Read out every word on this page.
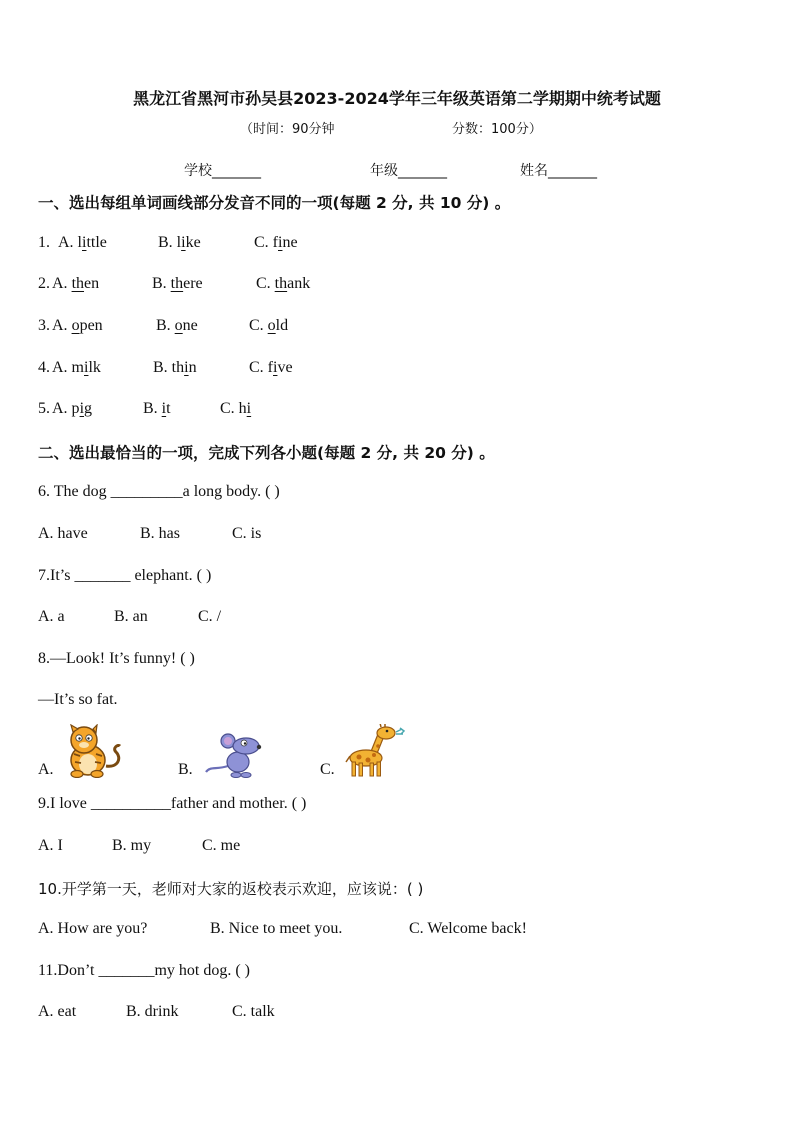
黑龙江省黑河市孙吴县2023-2024学年三年级英语第二学期期中统考试题
（时间：90分钟	分数：100分）
学校_______	年级_______	姓名_______
一、选出每组单词画线部分发音不同的一项(每题 2 分, 共 10 分) 。
1. A. little	B. like	C. fine
2. A. then	B. there	C. thank
3. A. open	B. one	C. old
4. A. milk	B. thin	C. five
5. A. pig	B. it	C. hi
二、选出最恰当的一项，完成下列各小题(每题 2 分, 共 20 分) 。
6. The dog _________a long body. ( )
A. have	B. has	C. is
7.It’s _______ elephant. ( )
A. a	B. an	C. /
8.—Look! It’s funny! ( )
—It’s so fat.
A.	B.	C.
9.I love __________father and mother. ( )
A. I	B. my	C. me
10.开学第一天，老师对大家的返校表示欢迎，应该说：( )
A. How are you?	B. Nice to meet you.	C. Welcome back!
11.Don’t _______my hot dog. ( )
A. eat	B. drink	C. talk
